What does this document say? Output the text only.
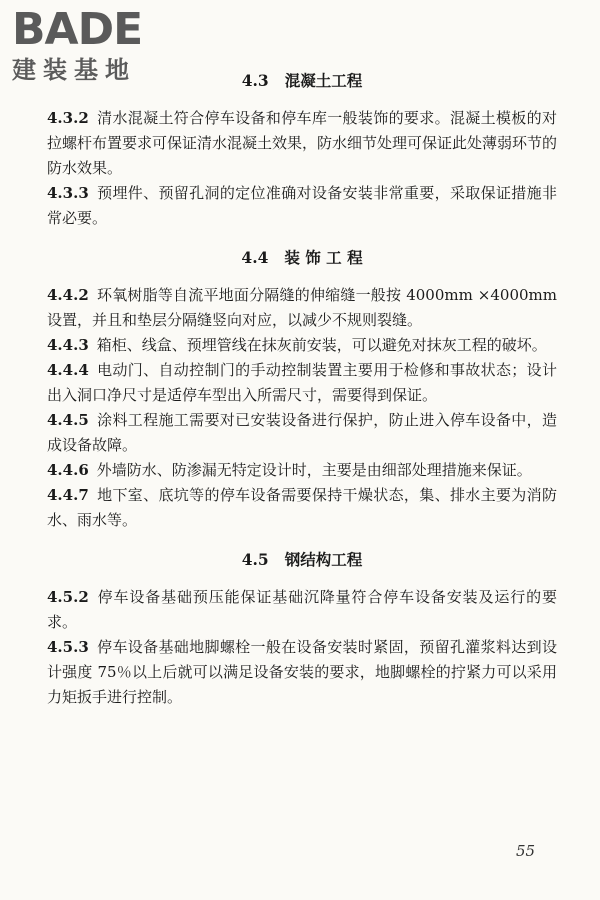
BADE
建装基地	4.3 混凝土工程

4.3.2 清水混凝土符合停车设备和停车库一般装饰的要求。混凝土模板的对拉螺杆布置要求可保证清水混凝土效果，防水细节处理可保证此处薄弱环节的防水效果。

4.3.3 预埋件、预留孔洞的定位准确对设备安装非常重要，采取保证措施非常必要。

4.4 装 饰 工 程

4.4.2 环氧树脂等自流平地面分隔缝的伸缩缝一般按 4000mm ×4000mm 设置，并且和垫层分隔缝竖向对应，以减少不规则裂缝。

4.4.3 箱柜、线盒、预埋管线在抹灰前安装，可以避免对抹灰工程的破坏。

4.4.4 电动门、自动控制门的手动控制装置主要用于检修和事故状态；设计出入洞口净尺寸是适停车型出入所需尺寸，需要得到保证。

4.4.5 涂料工程施工需要对已安装设备进行保护，防止进入停车设备中，造成设备故障。

4.4.6 外墙防水、防渗漏无特定设计时，主要是由细部处理措施来保证。

4.4.7 地下室、底坑等的停车设备需要保持干燥状态，集、排水主要为消防水、雨水等。

4.5 钢结构工程

4.5.2 停车设备基础预压能保证基础沉降量符合停车设备安装及运行的要求。

4.5.3 停车设备基础地脚螺栓一般在设备安装时紧固，预留孔灌浆料达到设计强度 75％以上后就可以满足设备安装的要求，地脚螺栓的拧紧力可以采用力矩扳手进行控制。

55
